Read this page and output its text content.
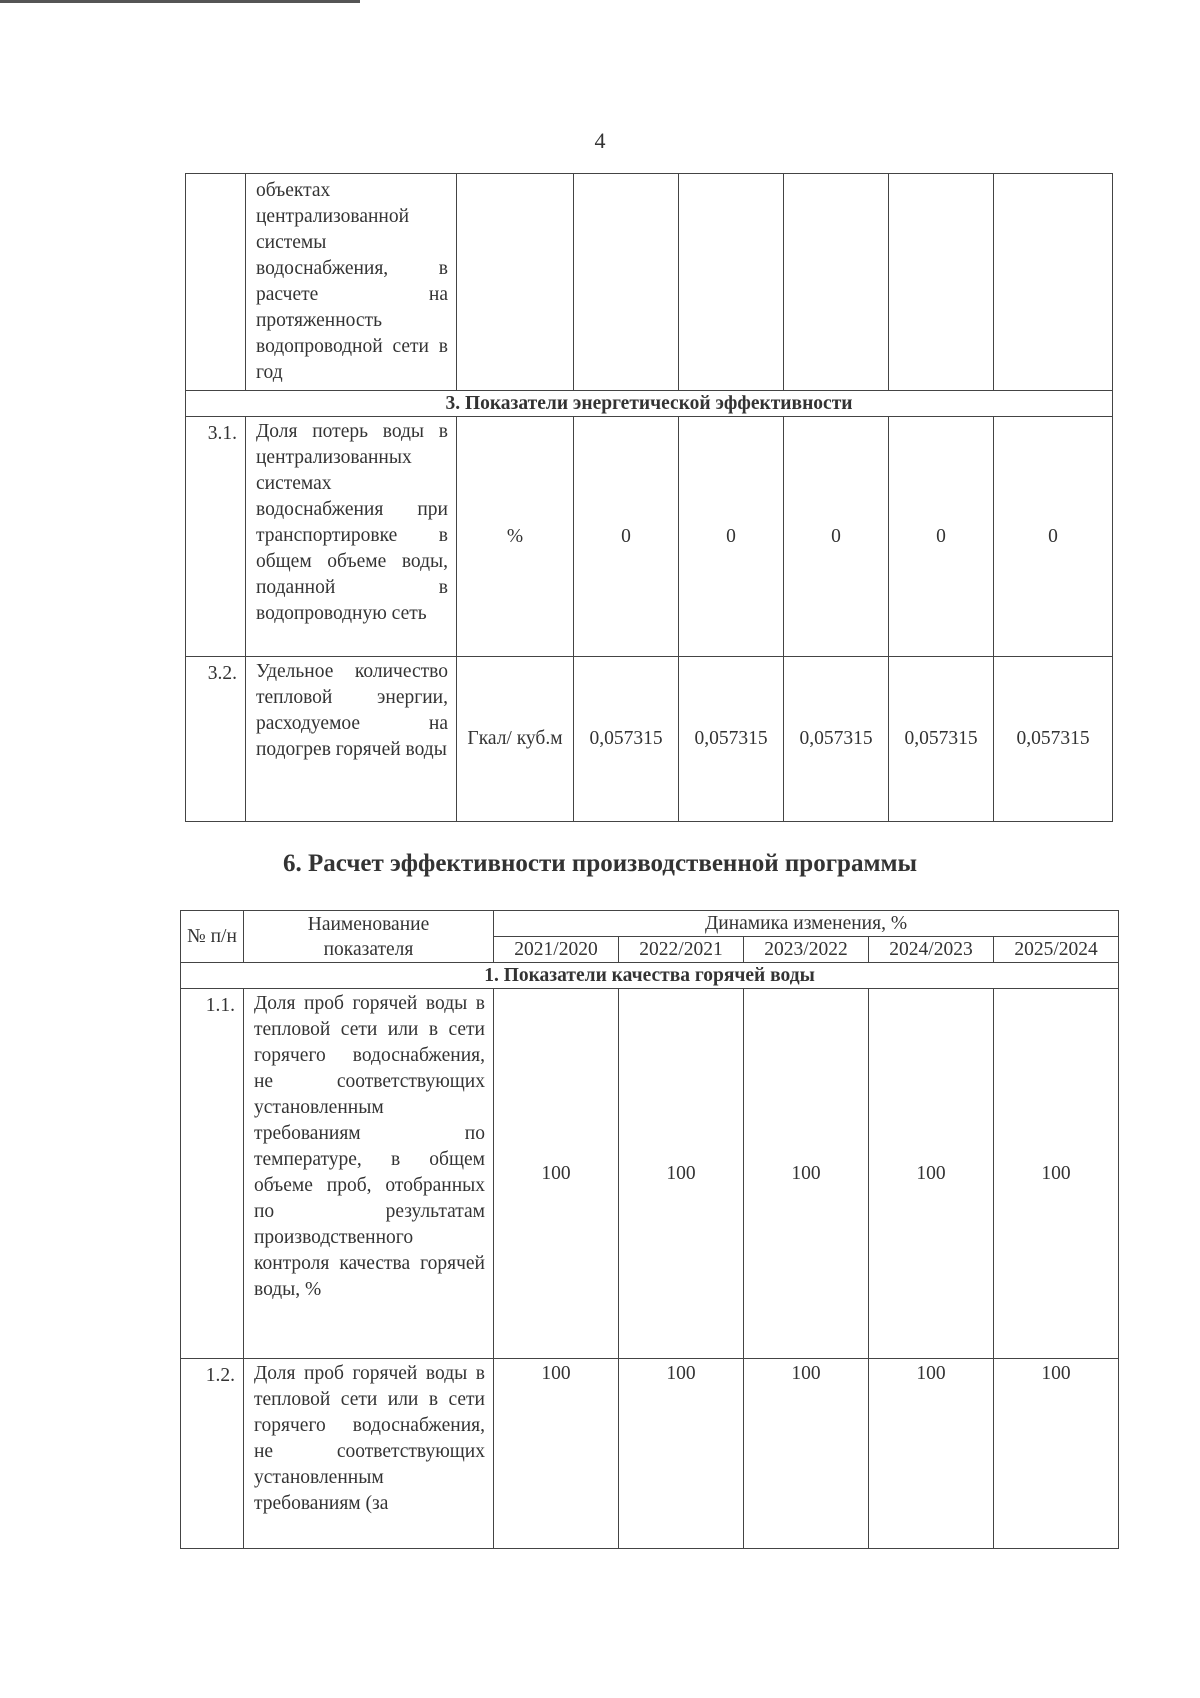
4
	объектах централизованной системы водоснабжения, в расчете на протяженность водопроводной сети в год						
3. Показатели энергетической эффективности							
3.1.	Доля потерь воды в централизованных системах водоснабжения при транспортировке в общем объеме воды, поданной в водопроводную сеть	%	0	0	0	0	0
3.2.	Удельное количество тепловой энергии, расходуемое на подогрев горячей воды	Гкал/ куб.м	0,057315	0,057315	0,057315	0,057315	0,057315
6. Расчет эффективности производственной программы
№ п/н	Наименование показателя	Динамика изменения, %				
		2021/2020	2022/2021	2023/2022	2024/2023	2025/2024
1. Показатели качества горячей воды						
1.1.	Доля проб горячей воды в тепловой сети или в сети горячего водоснабжения, не соответствующих установленным требованиям по температуре, в общем объеме проб, отобранных по результатам производственного контроля качества горячей воды, %	100	100	100	100	100
1.2.	Доля проб горячей воды в тепловой сети или в сети горячего водоснабжения, не соответствующих установленным требованиям (за	100	100	100	100	100
